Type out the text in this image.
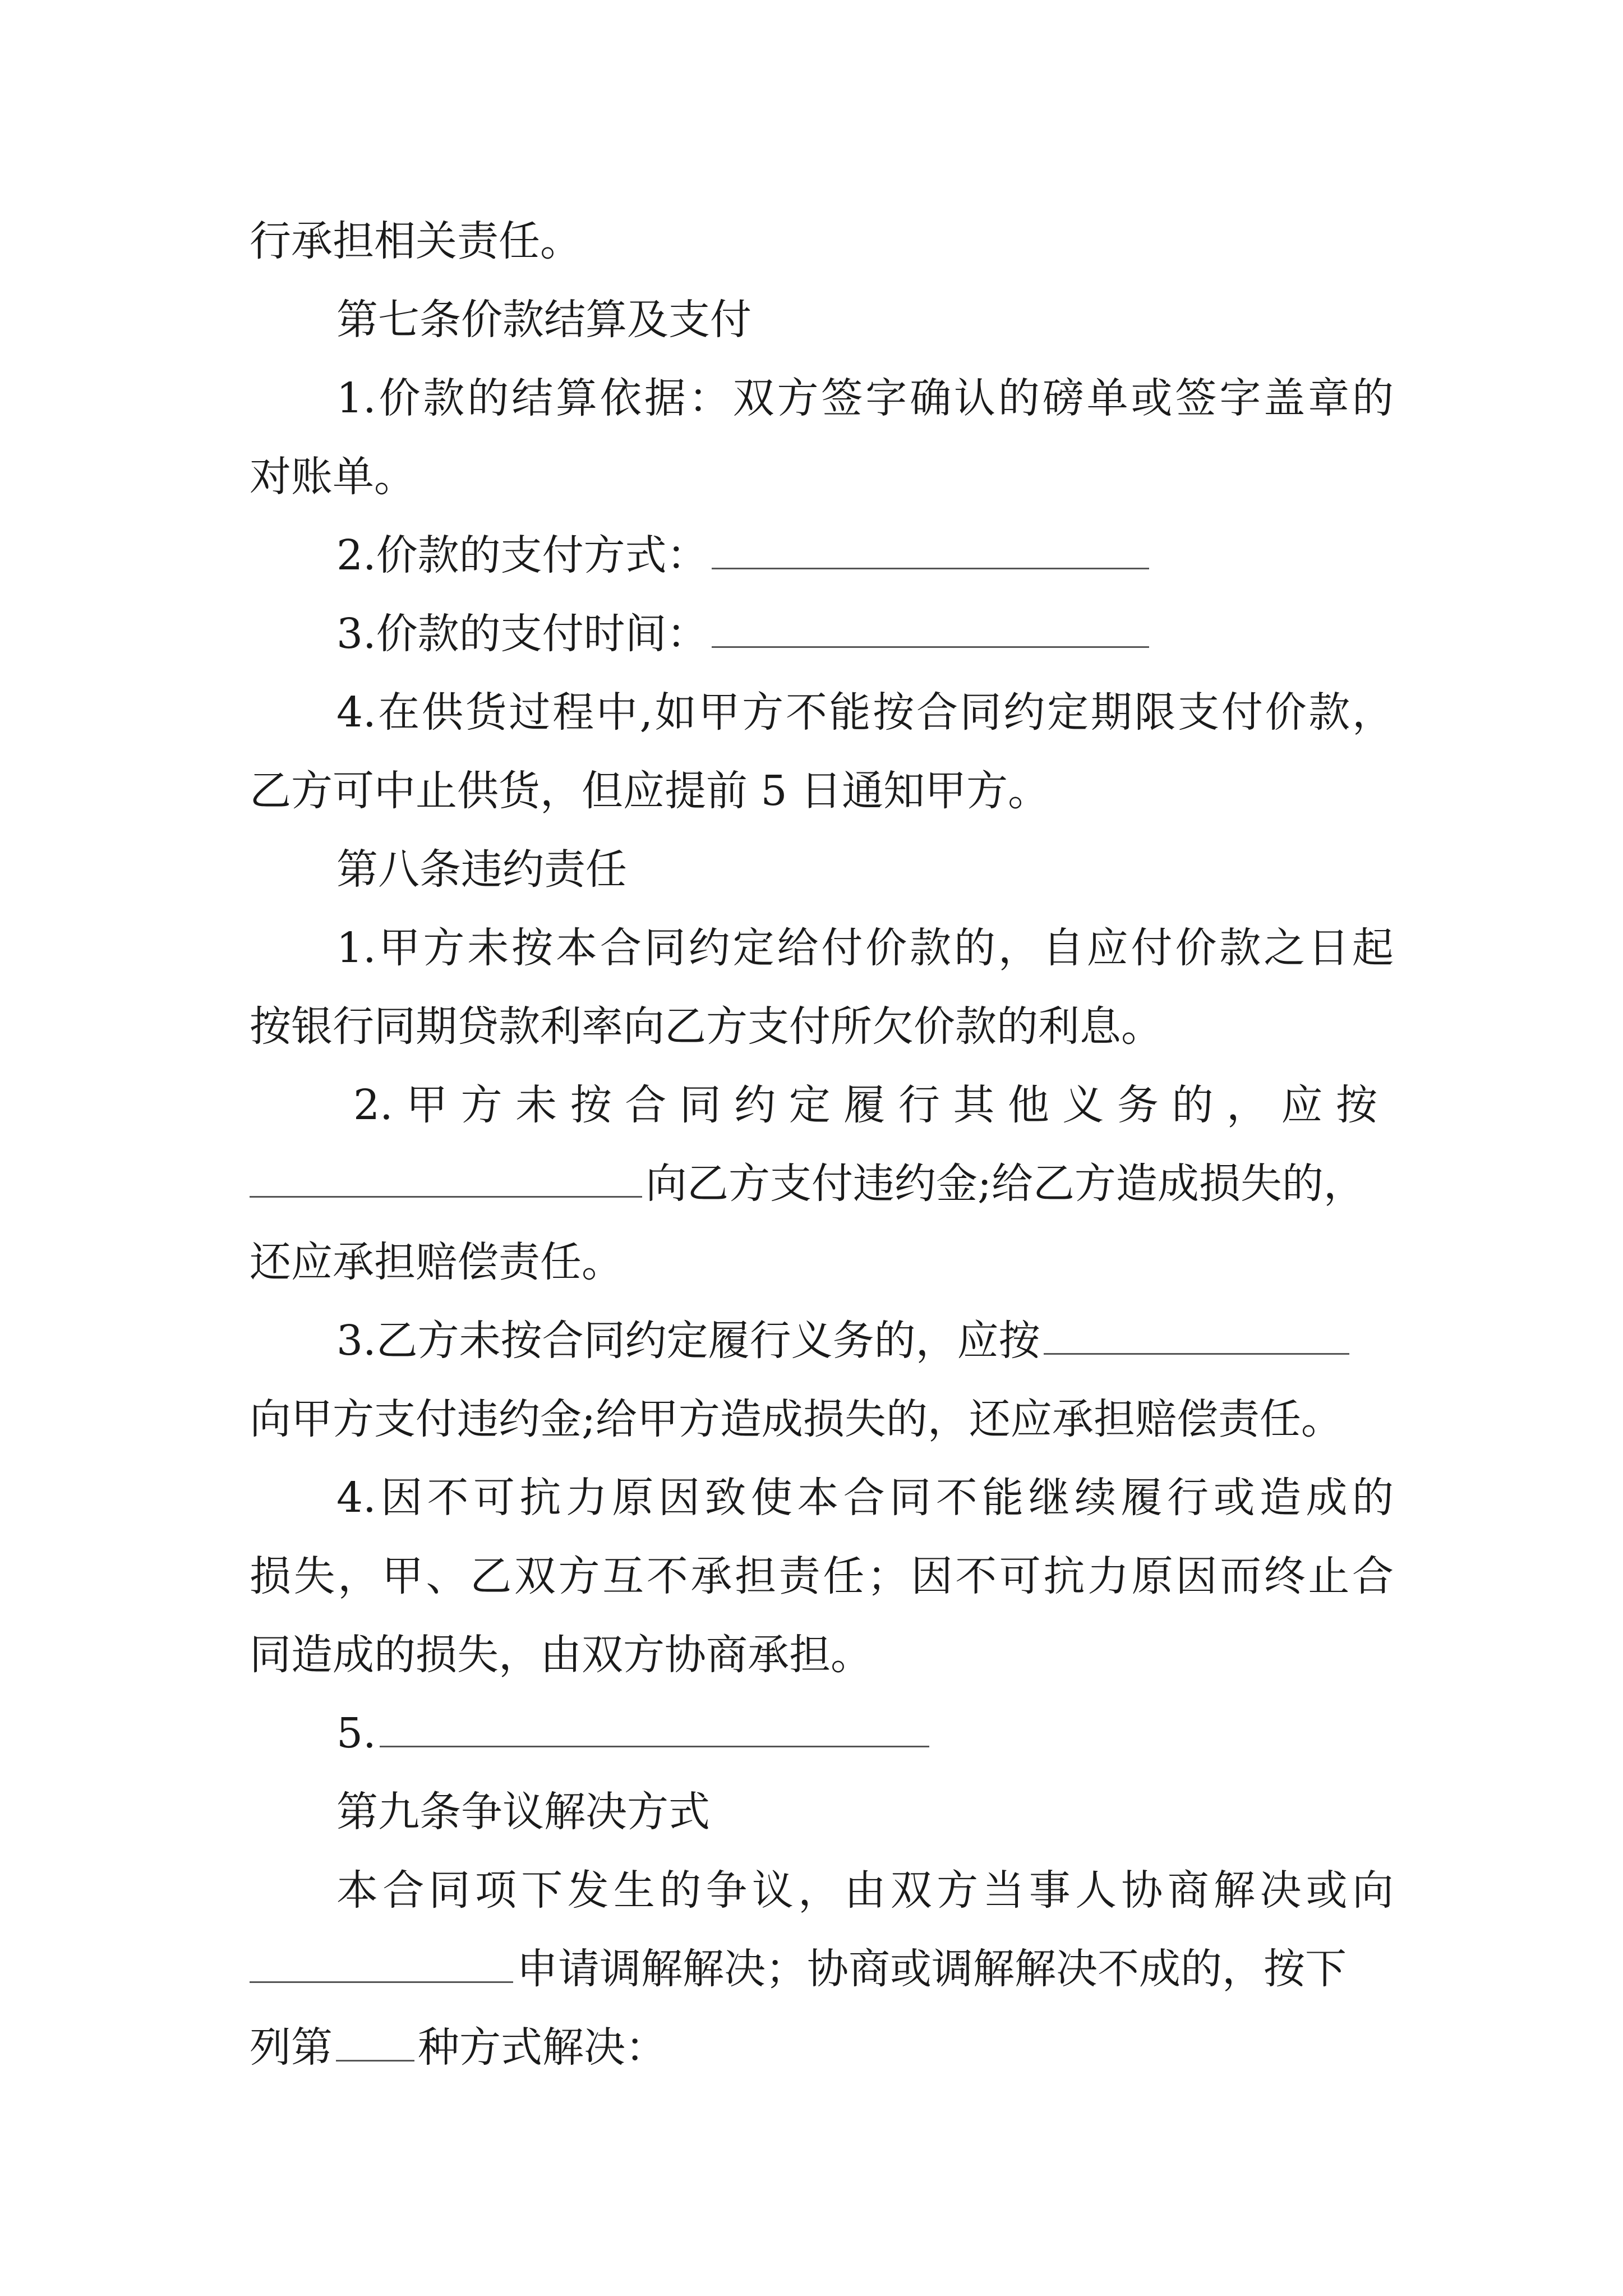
行承担相关责任。
第七条价款结算及支付
1.价款的结算依据：双方签字确认的磅单或签字盖章的
对账单。
2.价款的支付方式：
3.价款的支付时间：
4.在供货过程中,如甲方不能按合同约定期限支付价款，
乙方可中止供货，但应提前 5 日通知甲方。
第八条违约责任
1.甲方未按本合同约定给付价款的，自应付价款之日起
按银行同期贷款利率向乙方支付所欠价款的利息。
2. 甲 方 未 按 合 同 约 定 履 行 其 他 义 务 的 ， 应 按
向乙方支付违约金;给乙方造成损失的，
还应承担赔偿责任。
3.乙方未按合同约定履行义务的，应按
向甲方支付违约金;给甲方造成损失的，还应承担赔偿责任。
4.因不可抗力原因致使本合同不能继续履行或造成的
损失，甲、乙双方互不承担责任；因不可抗力原因而终止合
同造成的损失，由双方协商承担。
5.
第九条争议解决方式
本合同项下发生的争议，由双方当事人协商解决或向
申请调解解决；协商或调解解决不成的，按下
列第 种方式解决：
